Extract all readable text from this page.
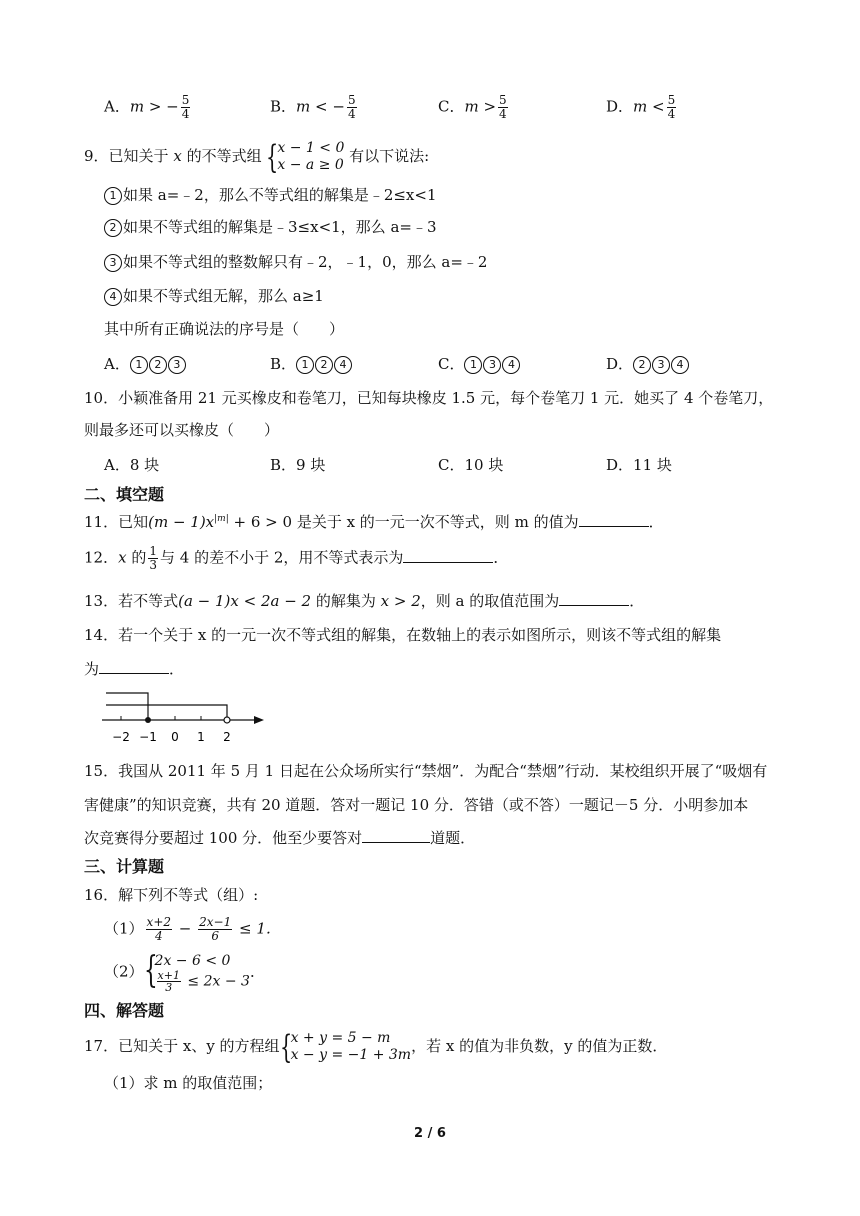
A．m > − $\frac{5}{4}$	B．m < − $\frac{5}{4}$	C．$m > \frac{5}{4}$	D．$m < \frac{5}{4}$
9．已知关于 x 的不等式组 {
x − 1 < 0
x − a ≥ 0 有以下说法:
1 如果 a=﹣2，那么不等式组的解集是﹣2≤x<1
2 如果不等式组的解集是﹣3≤x<1，那么 a=﹣3
3 如果不等式组的整数解只有﹣2，﹣1，0，那么 a=﹣2
4 如果不等式组无解，那么 a≥1
其中所有正确说法的序号是（　　）
A． 1 2 3	B． 1 2 4	C． 1 3 4	D． 2 3 4
10．小颖准备用 21 元买橡皮和卷笔刀，已知每块橡皮 1.5 元，每个卷笔刀 1 元．她买了 4 个卷笔刀，
则最多还可以买橡皮（　　）
A．8 块	B．9 块	C．10 块	D．11 块
二、填空题
11．已知$(m - 1)x^{|m|} + 6 > 0$ 是关于 x 的一元一次不等式，则 m 的值为	．
12．x 的 $\frac{1}{3}$ 与 4 的差不小于 2，用不等式表示为	．
13．若不等式(a − 1)x < 2a − 2 的解集为 x > 2，则 a 的取值范围为	．
14．若一个关于 x 的一元一次不等式组的解集，在数轴上的表示如图所示，则该不等式组的解集
为	．
−2 −1 0 1 2
15．我国从 2011 年 5 月 1 日起在公众场所实行“禁烟”．为配合“禁烟”行动．某校组织开展了“吸烟有
害健康”的知识竞赛，共有 20 道题．答对一题记 10 分．答错（或不答）一题记－5 分．小明参加本
次竞赛得分要超过 100 分．他至少要答对	道题．
三、计算题
16．解下列不等式（组）:
$(1) \frac{x+2}{4} - \frac{2x-1}{6} \le 1$．
（2） {
2x − 6 < 0
$\frac{x+1}{3} \le 2x - 3$
．
四、解答题
17．已知关于 x、y 的方程组 {
x + y = 5 − m
x − y = −1 + 3m ，若 x 的值为非负数，y 的值为正数．
（1）求 m 的取值范围；
2 / 6
